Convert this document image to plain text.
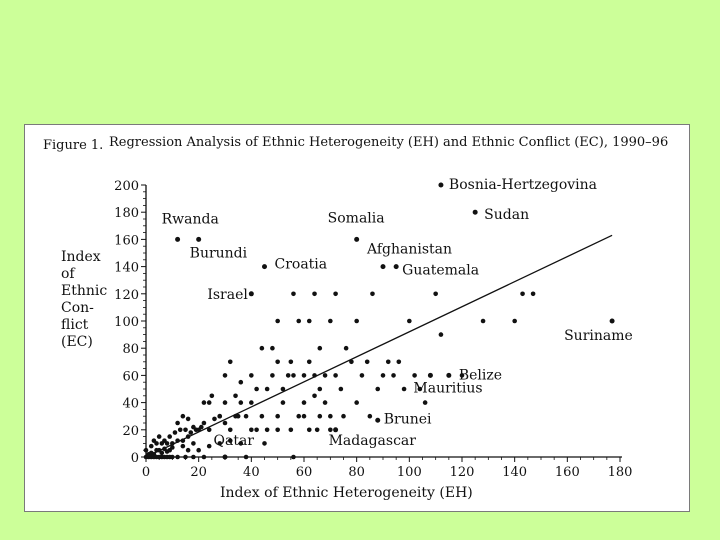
Figure 1. Regression Analysis of Ethnic Heterogeneity (EH) and Ethnic Conflict (EC), 1990–96
Index
of
Ethnic
Con-
flict
(EC)
0
20
40
60
80
100
120
140
160
180
200
0	20	40	60	80 100 120 140 160 180
Bosnia-Hertzegovina
Sudan
Rwanda
Burundi
Somalia
Croatia
Afghanistan
Guatemala
Israel
Suriname
Belize
Mauritius
Brunei
Madagascar
Qatar
Index of Ethnic Heterogeneity (EH)
